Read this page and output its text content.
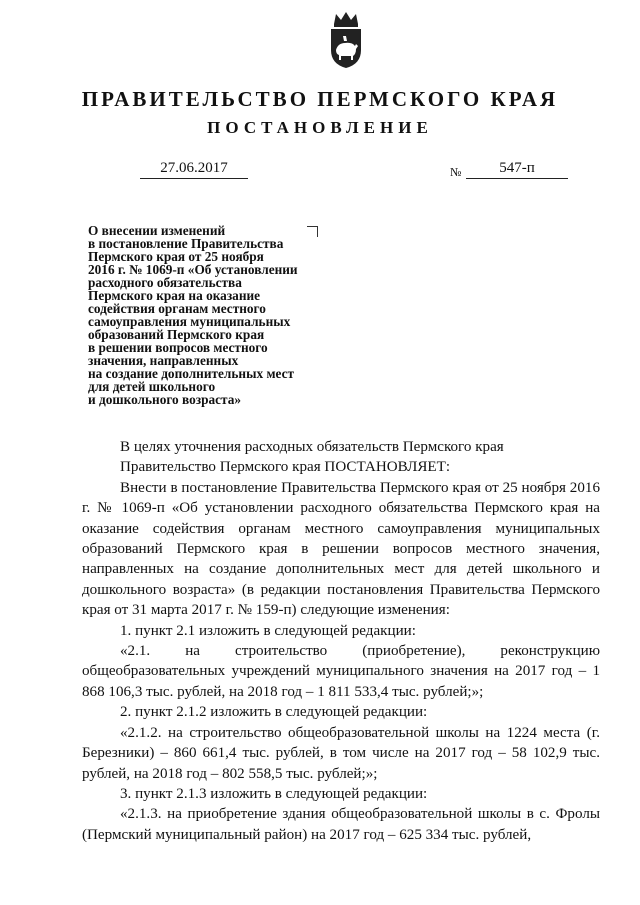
ПРАВИТЕЛЬСТВО ПЕРМСКОГО КРАЯ
ПОСТАНОВЛЕНИЕ
27.06.2017	№	547-п
О внесении изменений
в постановление Правительства
Пермского края от 25 ноября
2016 г. № 1069-п «Об установлении
расходного обязательства
Пермского края на оказание
содействия органам местного
самоуправления муниципальных
образований Пермского края
в решении вопросов местного
значения, направленных
на создание дополнительных мест
для детей школьного
и дошкольного возраста»

В целях уточнения расходных обязательств Пермского края

Правительство Пермского края ПОСТАНОВЛЯЕТ:

Внести в постановление Правительства Пермского края от 25 ноября 2016 г. № 1069-п «Об установлении расходного обязательства Пермского края на оказание содействия органам местного самоуправления муниципальных образований Пермского края в решении вопросов местного значения, направленных на создание дополнительных мест для детей школьного и дошкольного возраста» (в редакции постановления Правительства Пермского края от 31 марта 2017 г. № 159-п) следующие изменения:

1. пункт 2.1 изложить в следующей редакции:

«2.1. на строительство (приобретение), реконструкцию общеобразовательных учреждений муниципального значения на 2017 год – 1 868 106,3 тыс. рублей, на 2018 год – 1 811 533,4 тыс. рублей;»;

2. пункт 2.1.2 изложить в следующей редакции:

«2.1.2. на строительство общеобразовательной школы на 1224 места (г. Березники) – 860 661,4 тыс. рублей, в том числе на 2017 год – 58 102,9 тыс. рублей, на 2018 год – 802 558,5 тыс. рублей;»;

3. пункт 2.1.3 изложить в следующей редакции:

«2.1.3. на приобретение здания общеобразовательной школы в с. Фролы (Пермский муниципальный район) на 2017 год – 625 334 тыс. рублей,
